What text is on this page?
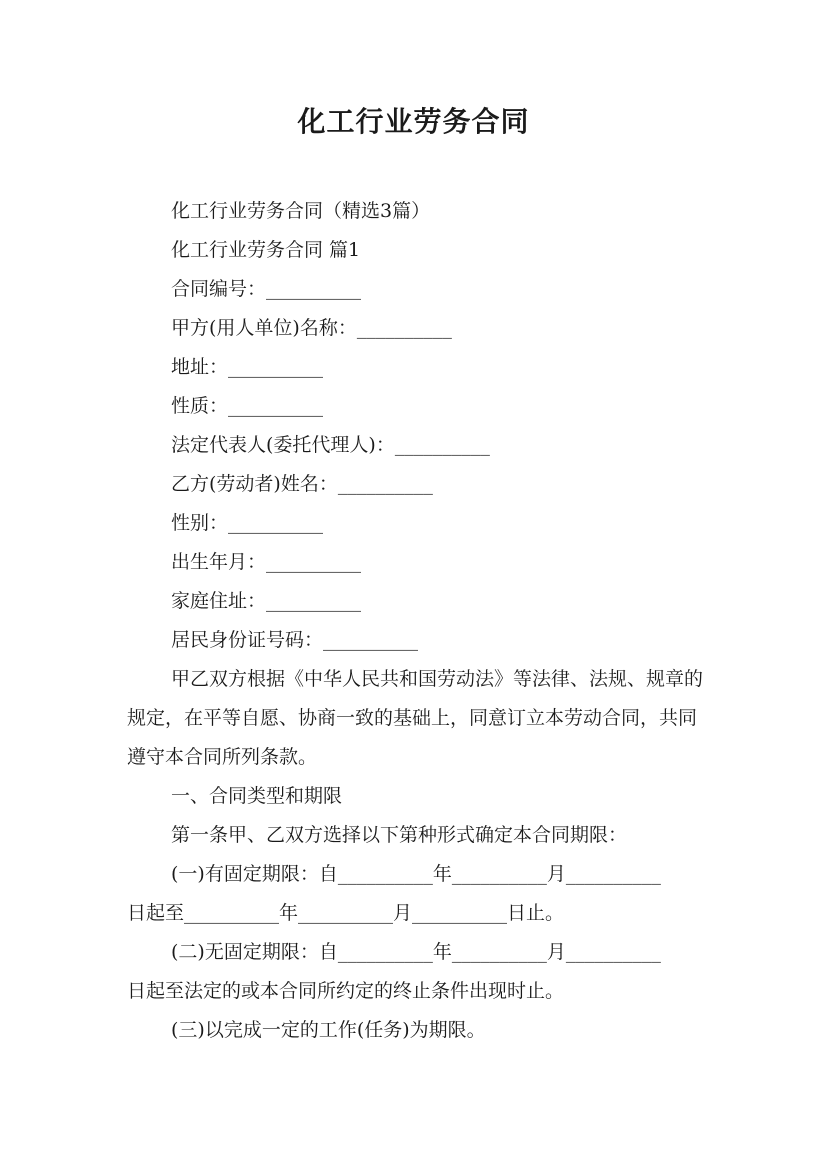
化工行业劳务合同
化工行业劳务合同（精选3篇）
化工行业劳务合同 篇1
合同编号：__________
甲方(用人单位)名称：__________
地址：__________
性质：__________
法定代表人(委托代理人)：__________
乙方(劳动者)姓名：__________
性别：__________
出生年月：__________
家庭住址：__________
居民身份证号码：__________
甲乙双方根据《中华人民共和国劳动法》等法律、法规、规章的规定，在平等自愿、协商一致的基础上，同意订立本劳动合同，共同遵守本合同所列条款。
一、合同类型和期限
第一条甲、乙双方选择以下第种形式确定本合同期限：
(一)有固定期限：自__________年__________月__________
日起至__________年__________月__________日止。
(二)无固定期限：自__________年__________月__________
日起至法定的或本合同所约定的终止条件出现时止。
(三)以完成一定的工作(任务)为期限。
